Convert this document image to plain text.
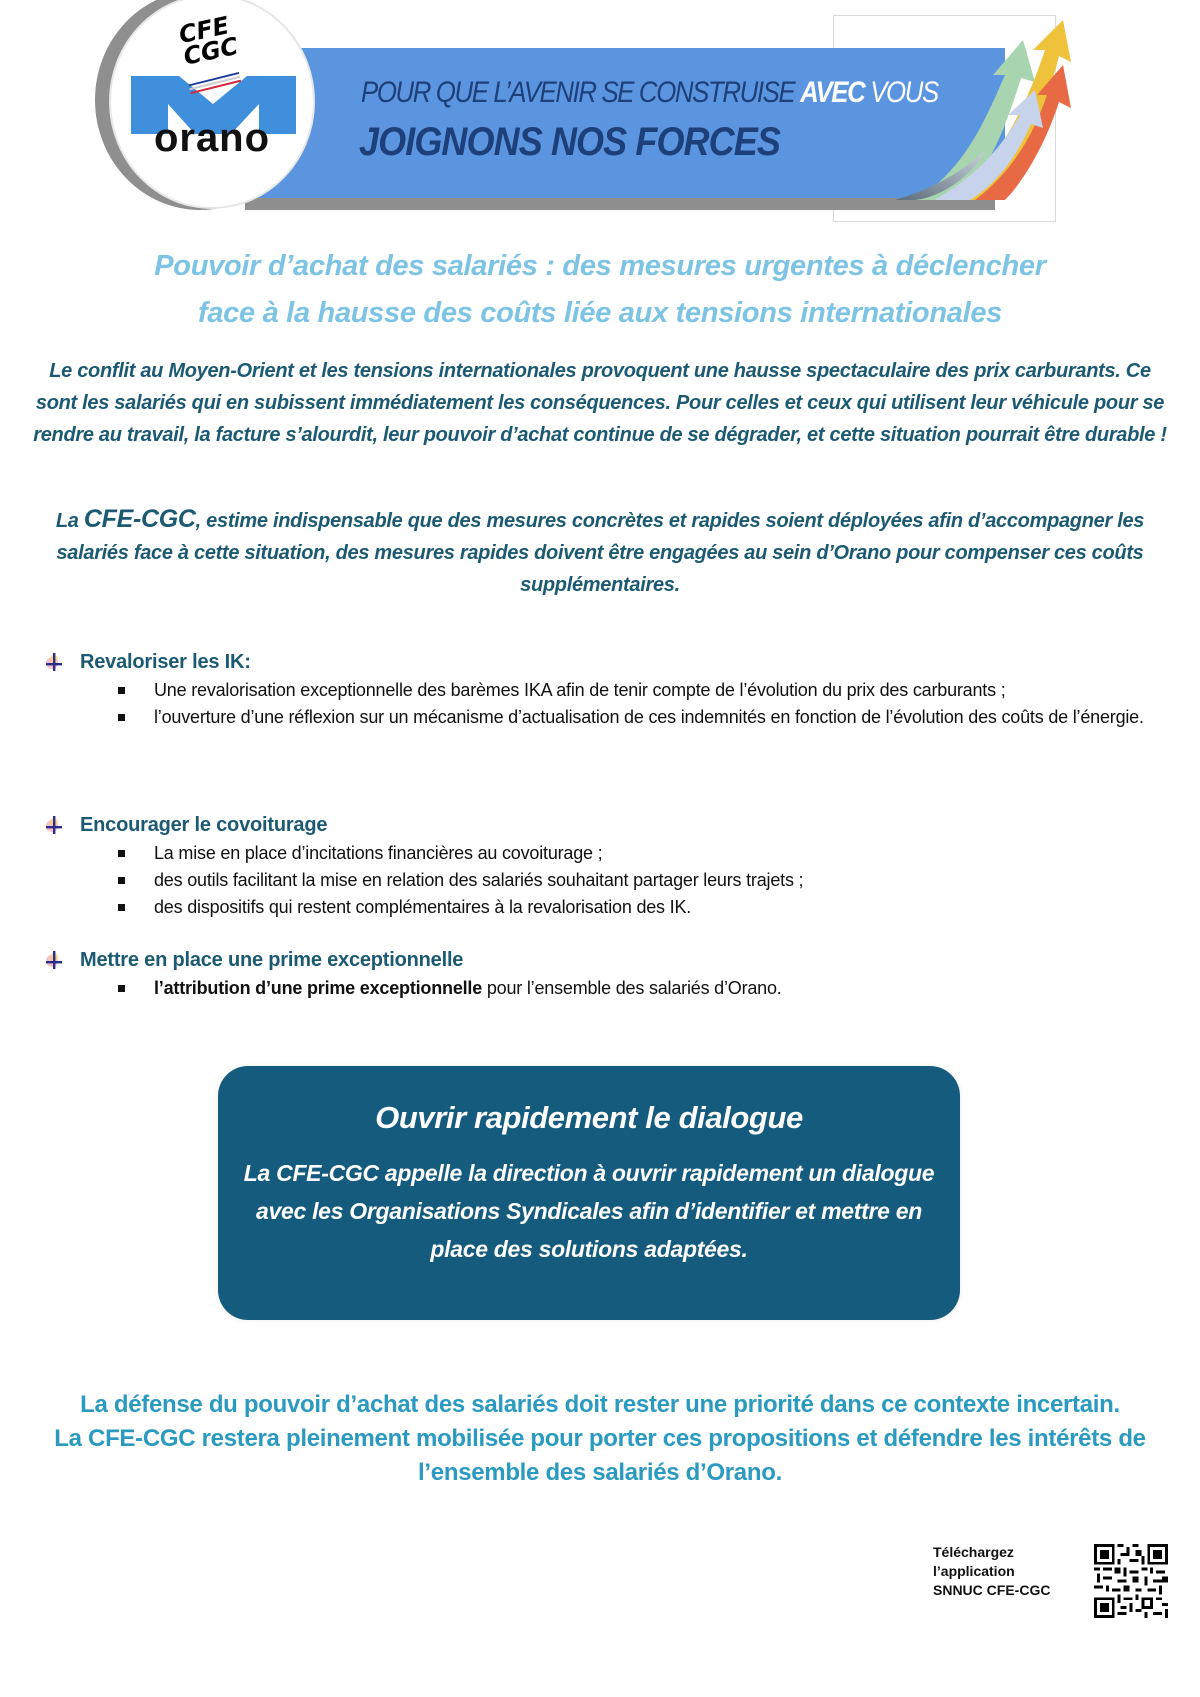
POUR QUE L’AVENIR SE CONSTRUISE AVEC VOUS
JOIGNONS NOS FORCES
CFE CGC
orano
Pouvoir d’achat des salariés : des mesures urgentes à déclencher
face à la hausse des coûts liée aux tensions internationales
Le conflit au Moyen-Orient et les tensions internationales provoquent une hausse spectaculaire des prix carburants. Ce sont les salariés qui en subissent immédiatement les conséquences. Pour celles et ceux qui utilisent leur véhicule pour se rendre au travail, la facture s’alourdit, leur pouvoir d’achat continue de se dégrader, et cette situation pourrait être durable !
La CFE-CGC, estime indispensable que des mesures concrètes et rapides soient déployées afin d’accompagner les salariés face à cette situation, des mesures rapides doivent être engagées au sein d’Orano pour compenser ces coûts supplémentaires.
Revaloriser les IK:
Une revalorisation exceptionnelle des barèmes IKA afin de tenir compte de l’évolution du prix des carburants ;
l’ouverture d’une réflexion sur un mécanisme d’actualisation de ces indemnités en fonction de l’évolution des coûts de l’énergie.
Encourager le covoiturage
La mise en place d’incitations financières au covoiturage ;
des outils facilitant la mise en relation des salariés souhaitant partager leurs trajets ;
des dispositifs qui restent complémentaires à la revalorisation des IK.
Mettre en place une prime exceptionnelle
l’attribution d’une prime exceptionnelle pour l’ensemble des salariés d’Orano.
Ouvrir rapidement le dialogue
La CFE-CGC appelle la direction à ouvrir rapidement un dialogue avec les Organisations Syndicales afin d’identifier et mettre en place des solutions adaptées.
La défense du pouvoir d’achat des salariés doit rester une priorité dans ce contexte incertain.
La CFE-CGC restera pleinement mobilisée pour porter ces propositions et défendre les intérêts de l’ensemble des salariés d’Orano.
Téléchargez
l’application
SNNUC CFE-CGC
